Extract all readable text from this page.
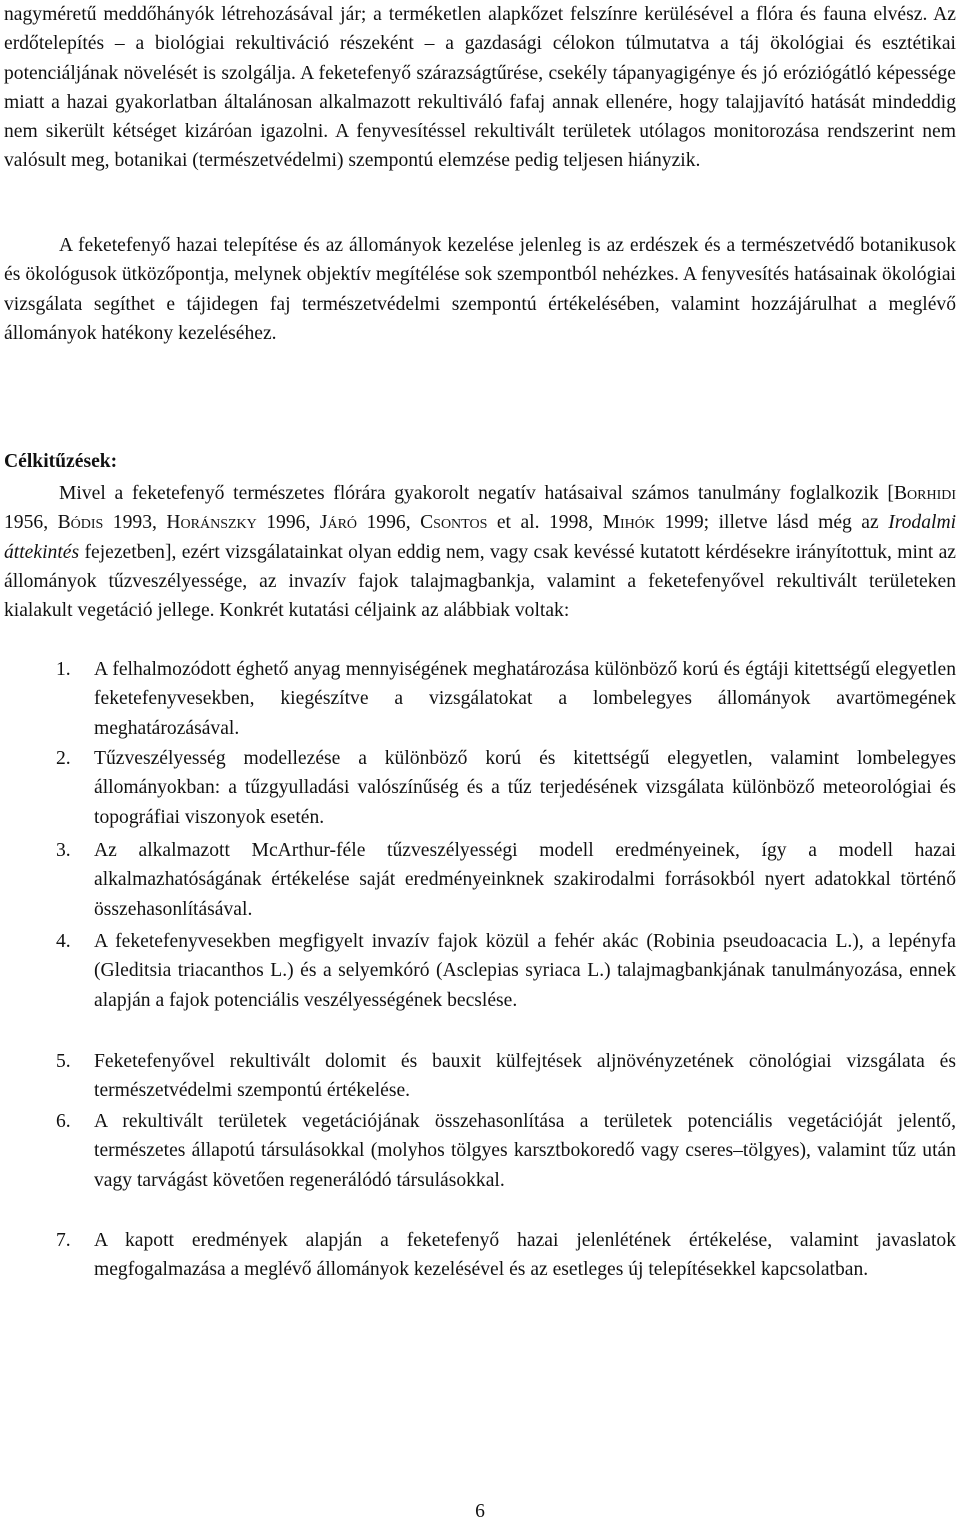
nagyméretű meddőhányók létrehozásával jár; a terméketlen alapkőzet felszínre kerülésével a flóra és fauna elvész. Az erdőtelepítés – a biológiai rekultiváció részeként – a gazdasági célokon túlmutatva a táj ökológiai és esztétikai potenciáljának növelését is szolgálja. A feketefenyő szárazságtűrése, csekély tápanyagigénye és jó eróziógátló képessége miatt a hazai gyakorlatban általánosan alkalmazott rekultiváló fafaj annak ellenére, hogy talajjavító hatását mindeddig nem sikerült kétséget kizáróan igazolni. A fenyvesítéssel rekultivált területek utólagos monitorozása rendszerint nem valósult meg, botanikai (természetvédelmi) szempontú elemzése pedig teljesen hiányzik.

A feketefenyő hazai telepítése és az állományok kezelése jelenleg is az erdészek és a természetvédő botanikusok és ökológusok ütközőpontja, melynek objektív megítélése sok szempontból nehézkes. A fenyvesítés hatásainak ökológiai vizsgálata segíthet e tájidegen faj természetvédelmi szempontú értékelésében, valamint hozzájárulhat a meglévő állományok hatékony kezeléséhez.

Célkitűzések:

Mivel a feketefenyő természetes flórára gyakorolt negatív hatásaival számos tanulmány foglalkozik [Borhidi 1956, Bódis 1993, Horánszky 1996, Járó 1996, Csontos et al. 1998, Mihók 1999; illetve lásd még az Irodalmi áttekintés fejezetben], ezért vizsgálatainkat olyan eddig nem, vagy csak kevéssé kutatott kérdésekre irányítottuk, mint az állományok tűzveszélyessége, az invazív fajok talajmagbankja, valamint a feketefenyővel rekultivált területeken kialakult vegetáció jellege. Konkrét kutatási céljaink az alábbiak voltak:

1. A felhalmozódott éghető anyag mennyiségének meghatározása különböző korú és égtáji kitettségű elegyetlen feketefenyvesekben, kiegészítve a vizsgálatokat a lombelegyes állományok avartömegének meghatározásával.

2. Tűzveszélyesség modellezése a különböző korú és kitettségű elegyetlen, valamint lombelegyes állományokban: a tűzgyulladási valószínűség és a tűz terjedésének vizsgálata különböző meteorológiai és topográfiai viszonyok esetén.

3. Az alkalmazott McArthur-féle tűzveszélyességi modell eredményeinek, így a modell hazai alkalmazhatóságának értékelése saját eredményeinknek szakirodalmi forrásokból nyert adatokkal történő összehasonlításával.

4. A feketefenyvesekben megfigyelt invazív fajok közül a fehér akác (Robinia pseudoacacia L.), a lepényfa (Gleditsia triacanthos L.) és a selyemkóró (Asclepias syriaca L.) talajmagbankjának tanulmányozása, ennek alapján a fajok potenciális veszélyességének becslése.

5. Feketefenyővel rekultivált dolomit és bauxit külfejtések aljnövényzetének cönológiai vizsgálata és természetvédelmi szempontú értékelése.

6. A rekultivált területek vegetációjának összehasonlítása a területek potenciális vegetációját jelentő, természetes állapotú társulásokkal (molyhos tölgyes karsztbokoredő vagy cseres–tölgyes), valamint tűz után vagy tarvágást követően regenerálódó társulásokkal.

7. A kapott eredmények alapján a feketefenyő hazai jelenlétének értékelése, valamint javaslatok megfogalmazása a meglévő állományok kezelésével és az esetleges új telepítésekkel kapcsolatban.

6
